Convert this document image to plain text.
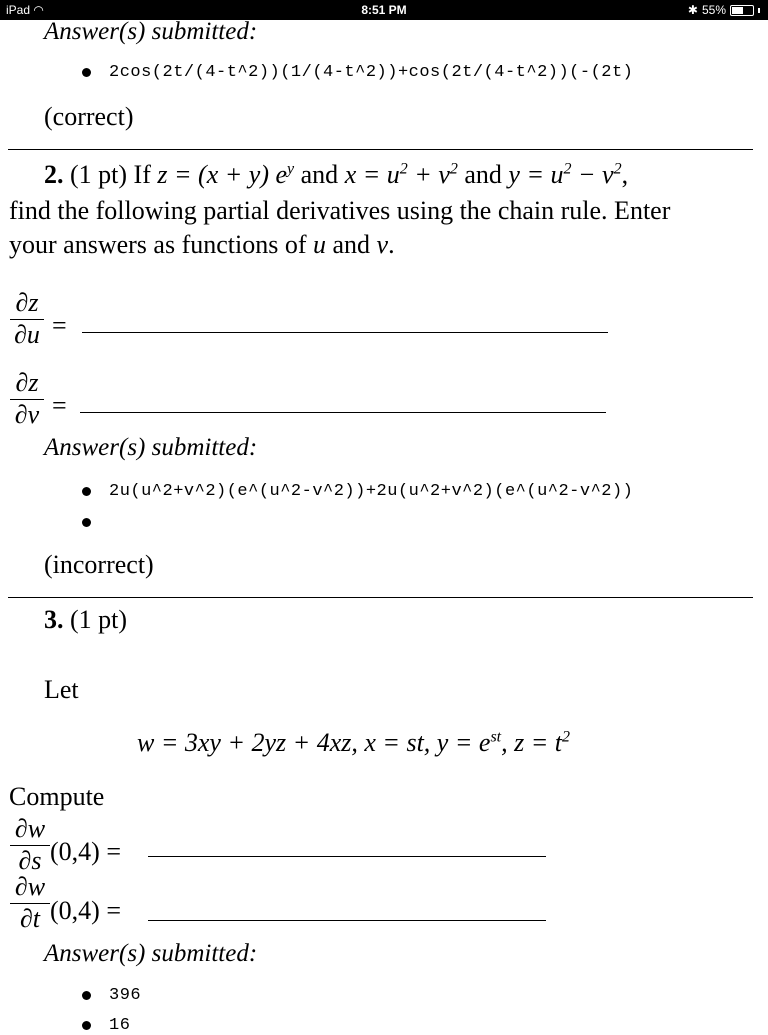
iPad ◠	8:51 PM	✱ 55%
Answer(s) submitted:
2cos(2t/(4-t^2))(1/(4-t^2))+cos(2t/(4-t^2))(-(2t)
(correct)
2. (1 pt) If z = (x + y) $e^y$ and $x = u^2 + v^2$ and $y = u^2 - v^2$,
find the following partial derivatives using the chain rule. Enter
your answers as functions of u and v.
∂z
∂u =
∂z
∂v =
Answer(s) submitted:
2u(u^2+v^2)(e^(u^2-v^2))+2u(u^2+v^2)(e^(u^2-v^2))
(incorrect)
3. (1 pt)
Let
w = 3xy + 2yz + 4xz, x = st, $y = e^{st}$, $z = t^2$
Compute
∂w
∂s (0,4) =
∂w
∂t (0,4) =
Answer(s) submitted:
396
16
